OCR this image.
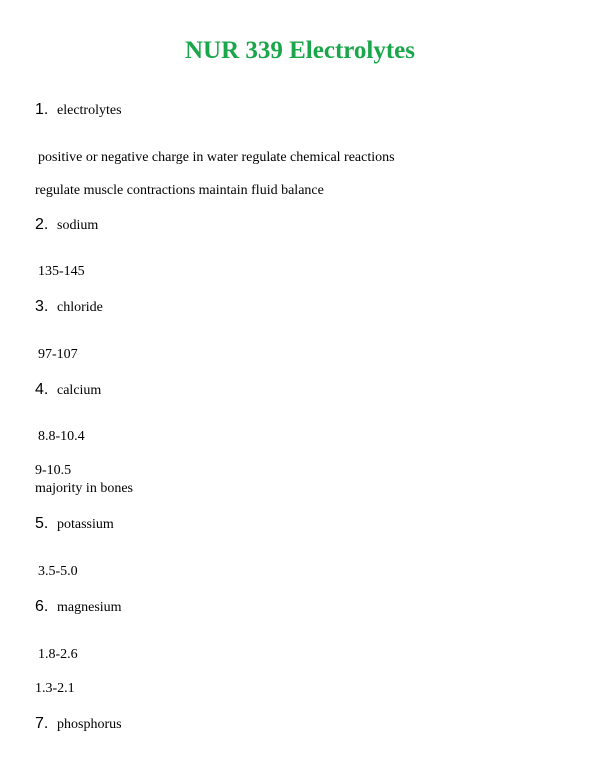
NUR 339 Electrolytes
1. electrolytes
positive or negative charge in water regulate chemical reactions
regulate muscle contractions maintain fluid balance
2. sodium
135-145
3. chloride
97-107
4. calcium
8.8-10.4
9-10.5
majority in bones
5. potassium
3.5-5.0
6. magnesium
1.8-2.6
1.3-2.1
7. phosphorus
